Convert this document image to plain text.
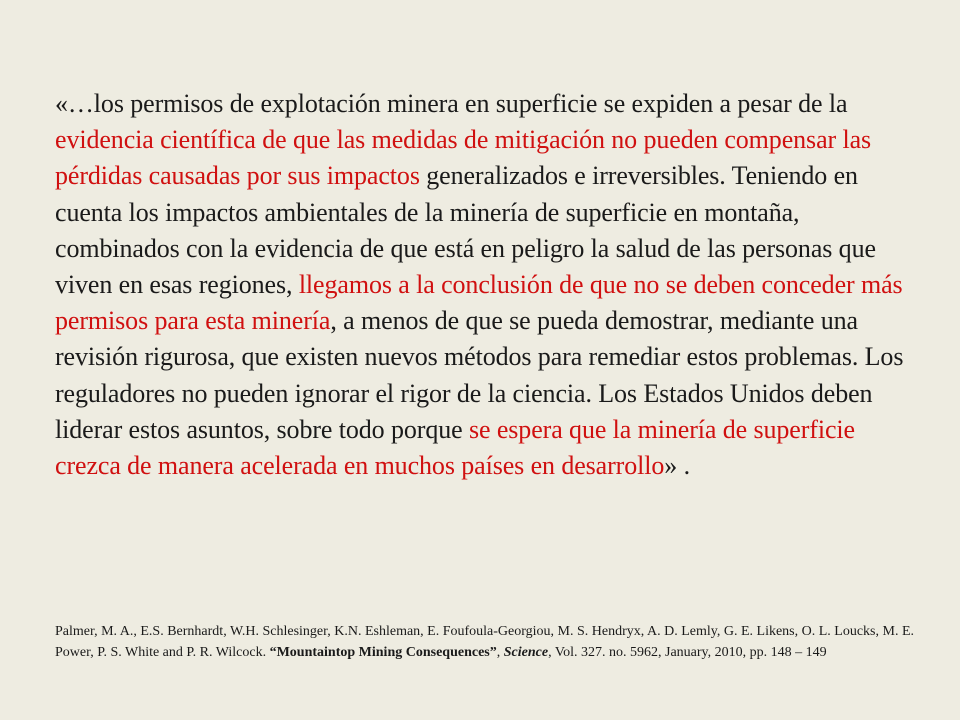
«…los permisos de explotación minera en superficie se expiden a pesar de la evidencia científica de que las medidas de mitigación no pueden compensar las pérdidas causadas por sus impactos generalizados e irreversibles. Teniendo en cuenta los impactos ambientales de la minería de superficie en montaña, combinados con la evidencia de que está en peligro la salud de las personas que viven en esas regiones, llegamos a la conclusión de que no se deben conceder más permisos para esta minería, a menos de que se pueda demostrar, mediante una revisión rigurosa, que existen nuevos métodos para remediar estos problemas. Los reguladores no pueden ignorar el rigor de la ciencia. Los Estados Unidos deben liderar estos asuntos, sobre todo porque se espera que la minería de superficie crezca de manera acelerada en muchos países en desarrollo» .

Palmer, M. A., E.S. Bernhardt, W.H. Schlesinger, K.N. Eshleman, E. Foufoula-Georgiou, M. S. Hendryx, A. D. Lemly, G. E. Likens, O. L. Loucks, M. E. Power, P. S. White and P. R. Wilcock. “Mountaintop Mining Consequences”, Science, Vol. 327. no. 5962, January, 2010, pp. 148 – 149
